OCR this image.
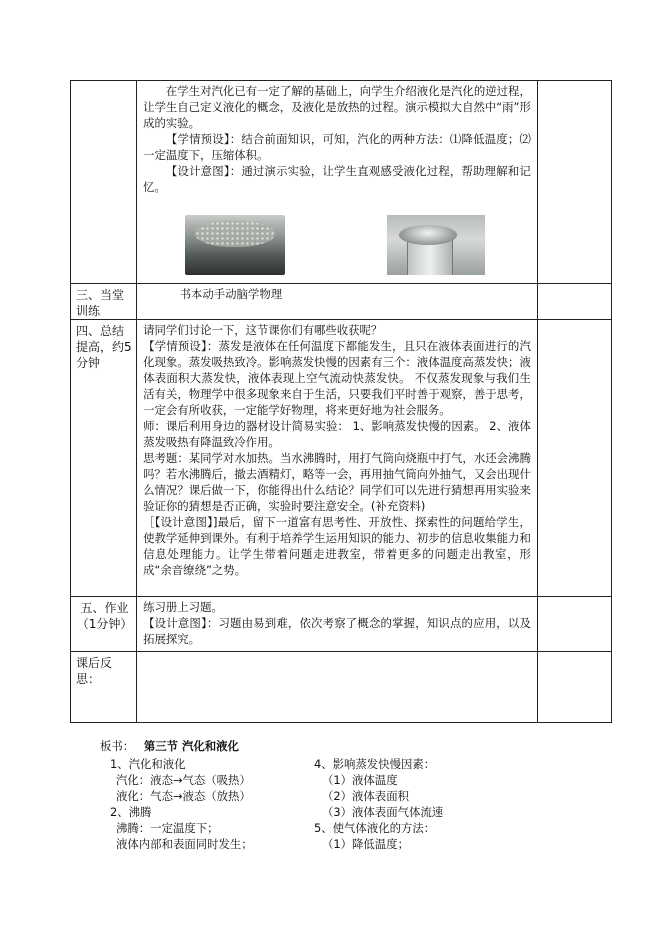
	在学生对汽化已有一定了解的基础上，向学生介绍液化是汽化的逆过程，让学生自己定义液化的概念，及液化是放热的过程。演示模拟大自然中“雨”形成的实验。

【学情预设】：结合前面知识，可知，汽化的两种方法：⑴降低温度；⑵一定温度下，压缩体积。

【设计意图】：通过演示实验，让学生直观感受液化过程，帮助理解和记忆。	

三、当堂训练	书本动手动脑学物理	

四、总结提高，约5分钟	请同学们讨论一下，这节课你们有哪些收获呢？

【学情预设】：蒸发是液体在任何温度下都能发生，且只在液体表面进行的汽化现象。蒸发吸热致冷。影响蒸发快慢的因素有三个：液体温度高蒸发快；液体表面积大蒸发快，液体表现上空气流动快蒸发快。 不仅蒸发现象与我们生活有关，物理学中很多现象来自于生活，只要我们平时善于观察，善于思考，一定会有所收获，一定能学好物理，将来更好地为社会服务。

师：课后利用身边的器材设计简易实验： 1、影响蒸发快慢的因素。 2、液体蒸发吸热有降温致冷作用。

思考题：某同学对水加热。当水沸腾时，用打气筒向烧瓶中打气，水还会沸腾吗？若水沸腾后，撤去酒精灯，略等一会，再用抽气筒向外抽气，又会出现什么情况？课后做一下，你能得出什么结论？同学们可以先进行猜想再用实验来验证你的猜想是否正确，实验时要注意安全。(补充资料)

［【设计意图】]最后，留下一道富有思考性、开放性、探索性的问题给学生，使教学延伸到课外。有利于培养学生运用知识的能力、初步的信息收集能力和信息处理能力。让学生带着问题走进教室，带着更多的问题走出教室，形成“余音缭绕”之势。	

五、作业（1分钟）	练习册上习题。

【设计意图】：习题由易到难，依次考察了概念的掌握，知识点的应用，以及拓展探究。	

课后反思：		
板书： 第三节 汽化和液化
1、汽化和液化
汽化：液态→气态（吸热）
液化：气态→液态（放热）
2、沸腾
沸腾：一定温度下；
液体内部和表面同时发生；
4、影响蒸发快慢因素：
（1）液体温度
（2）液体表面积
（3）液体表面气体流速
5、使气体液化的方法：
（1）降低温度；
